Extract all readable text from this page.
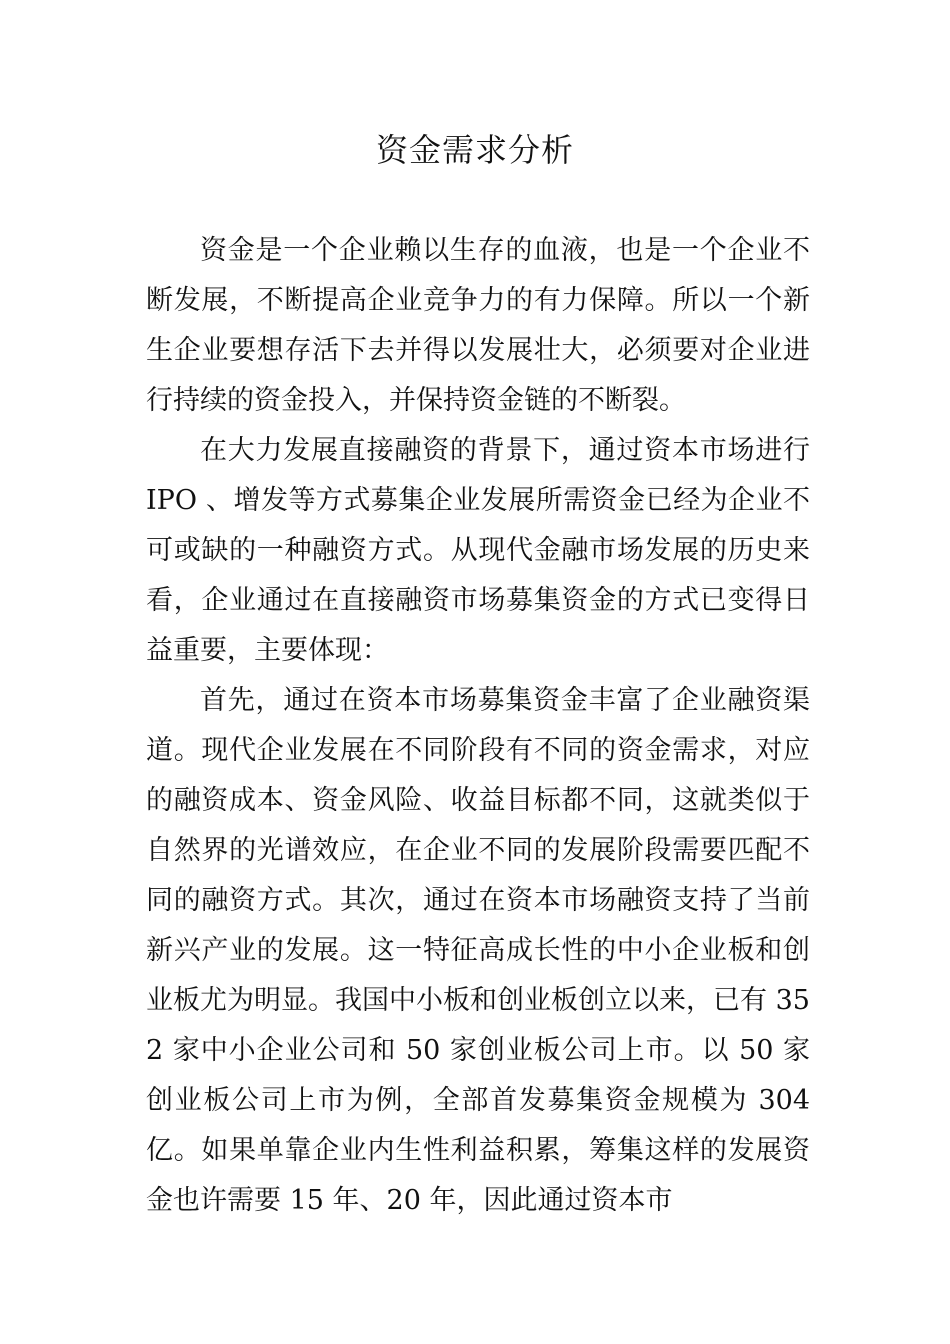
资金需求分析

资金是一个企业赖以生存的血液，也是一个企业不断发展，不断提高企业竞争力的有力保障。所以一个新生企业要想存活下去并得以发展壮大，必须要对企业进行持续的资金投入，并保持资金链的不断裂。

在大力发展直接融资的背景下，通过资本市场进行 IPO 、增发等方式募集企业发展所需资金已经为企业不可或缺的一种融资方式。从现代金融市场发展的历史来看，企业通过在直接融资市场募集资金的方式已变得日益重要，主要体现：

首先，通过在资本市场募集资金丰富了企业融资渠道。现代企业发展在不同阶段有不同的资金需求，对应的融资成本、资金风险、收益目标都不同，这就类似于自然界的光谱效应，在企业不同的发展阶段需要匹配不同的融资方式。其次，通过在资本市场融资支持了当前新兴产业的发展。这一特征高成长性的中小企业板和创业板尤为明显。我国中小板和创业板创立以来，已有 352 家中小企业公司和 50 家创业板公司上市。以 50 家创业板公司上市为例，全部首发募集资金规模为 304 亿。如果单靠企业内生性利益积累，筹集这样的发展资金也许需要 15 年、20 年，因此通过资本市
